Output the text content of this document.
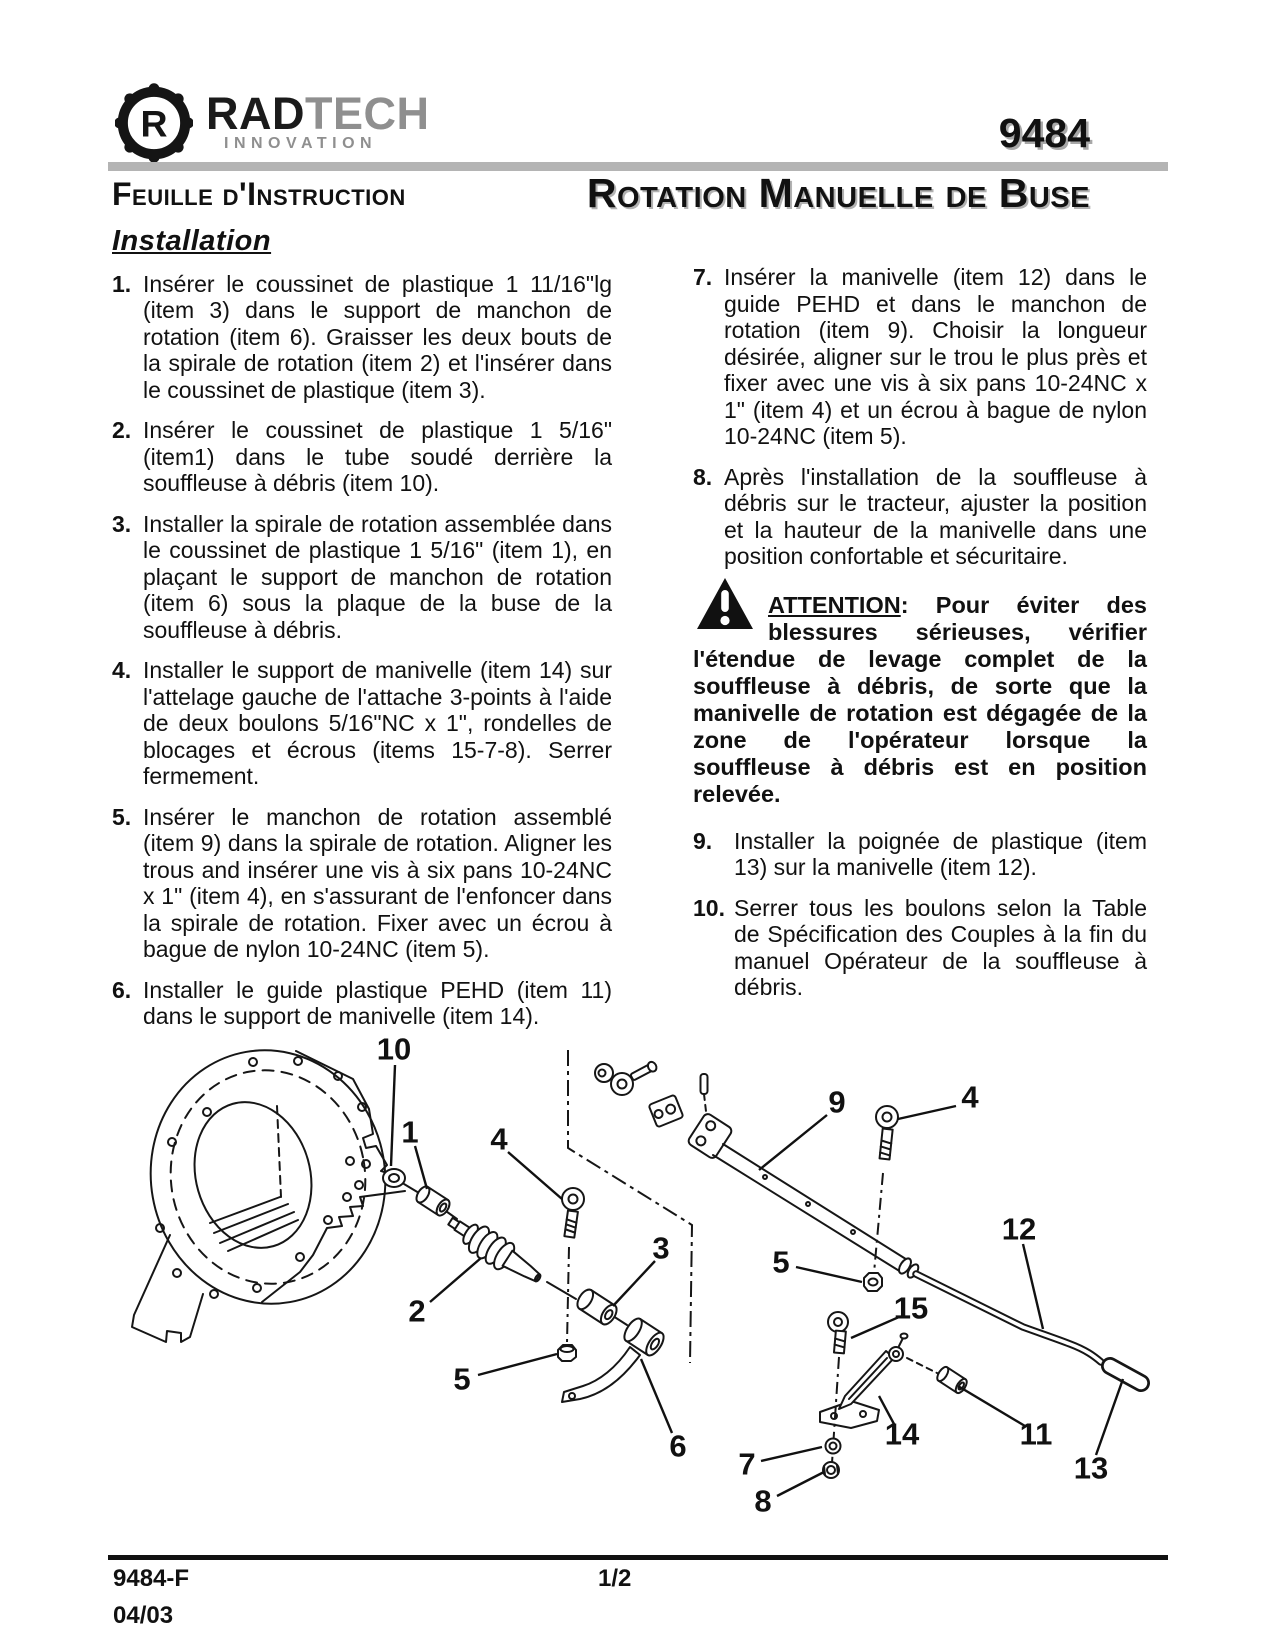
R RADTECH
INNOVATION	9484
Feuille d'Instruction	Rotation Manuelle de Buse
Installation
1. Insérer le coussinet de plastique 1 11/16"lg (item 3) dans le support de manchon de rotation (item 6). Graisser les deux bouts de la spirale de rotation (item 2) et l'insérer dans le coussinet de plastique (item 3).
2. Insérer le coussinet de plastique 1 5/16" (item1) dans le tube soudé derrière la souffleuse à débris (item 10).
3. Installer la spirale de rotation assemblée dans le coussinet de plastique 1 5/16" (item 1), en plaçant le support de manchon de rotation (item 6) sous la plaque de la buse de la souffleuse à débris.
4. Installer le support de manivelle (item 14) sur l'attelage gauche de l'attache 3-points à l'aide de deux boulons 5/16"NC x 1", rondelles de blocages et écrous (items 15-7-8). Serrer fermement.
5. Insérer le manchon de rotation assemblé (item 9) dans la spirale de rotation. Aligner les trous and insérer une vis à six pans 10-24NC x 1" (item 4), en s'assurant de l'enfoncer dans la spirale de rotation. Fixer avec un écrou à bague de nylon 10-24NC (item 5).
6. Installer le guide plastique PEHD (item 11) dans le support de manivelle (item 14).
7. Insérer la manivelle (item 12) dans le guide PEHD et dans le manchon de rotation (item 9). Choisir la longueur désirée, aligner sur le trou le plus près et fixer avec une vis à six pans 10-24NC x 1" (item 4) et un écrou à bague de nylon 10-24NC (item 5).
8. Après l'installation de la souffleuse à débris sur le tracteur, ajuster la position et la hauteur de la manivelle dans une position confortable et sécuritaire.

ATTENTION: Pour éviter des blessures sérieuses, vérifier l'étendue de levage complet de la souffleuse à débris, de sorte que la manivelle de rotation est dégagée de la zone de l'opérateur lorsque la souffleuse à débris est en position relevée.

9. Installer la poignée de plastique (item 13) sur la manivelle (item 12).
10. Serrer tous les boulons selon la Table de Spécification des Couples à la fin du manuel Opérateur de la souffleuse à débris.
10
1 4
2
3
5
6
9	4
5
12
15
14	11
13
7
8
9484-F	1/2
04/03
